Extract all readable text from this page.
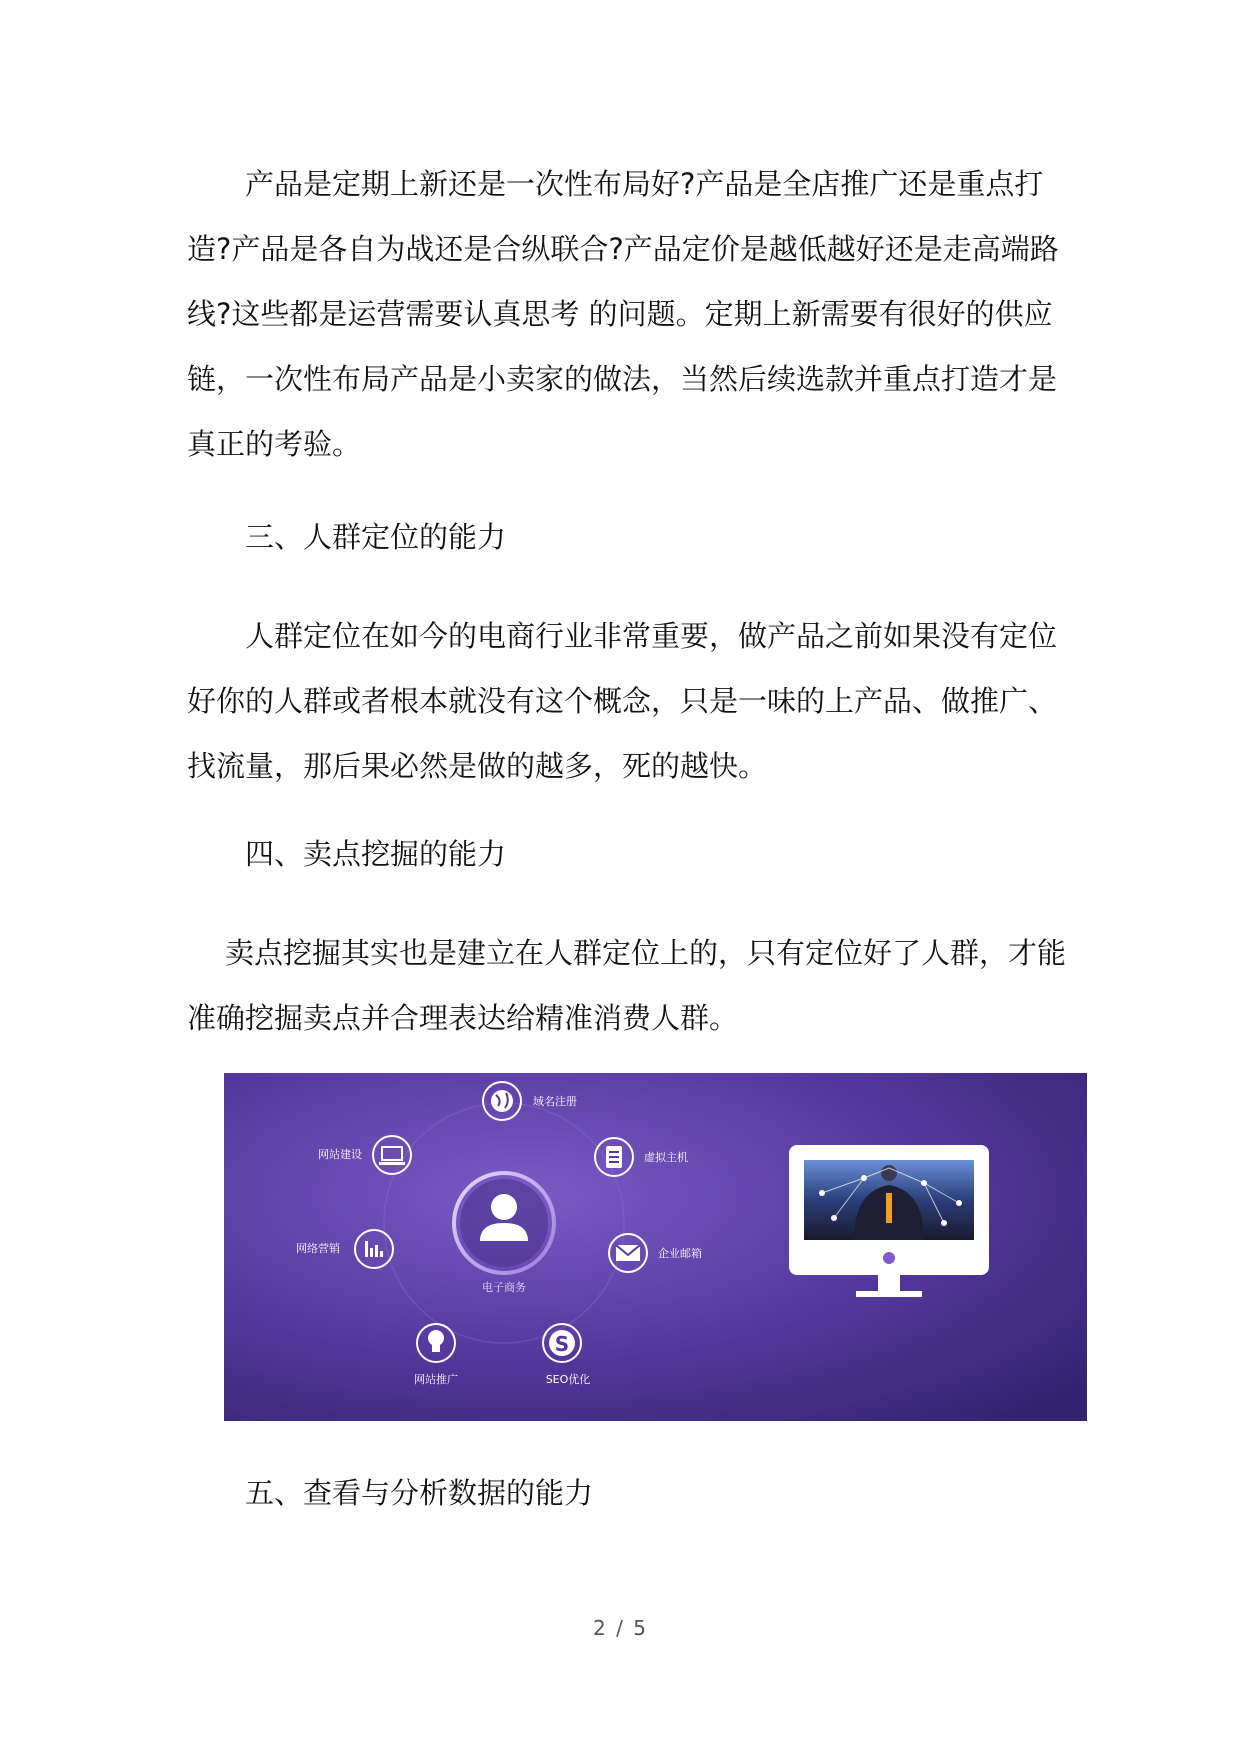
产品是定期上新还是一次性布局好?产品是全店推广还是重点打造?产品是各自为战还是合纵联合?产品定价是越低越好还是走高端路线?这些都是运营需要认真思考 的问题。定期上新需要有很好的供应链，一次性布局产品是小卖家的做法，当然后续选款并重点打造才是真正的考验。
三、人群定位的能力
人群定位在如今的电商行业非常重要，做产品之前如果没有定位好你的人群或者根本就没有这个概念，只是一味的上产品、做推广、找流量，那后果必然是做的越多，死的越快。
四、卖点挖掘的能力
卖点挖掘其实也是建立在人群定位上的，只有定位好了人群，才能准确挖掘卖点并合理表达给精准消费人群。
电子商务
域名注册
网站建设	虚拟主机
网络营销	企业邮箱
网站推广
S
SEO优化
五、查看与分析数据的能力
2 / 5
